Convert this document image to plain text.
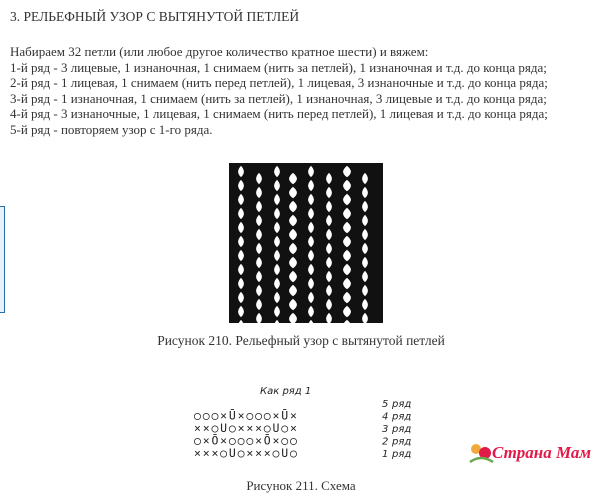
3. РЕЛЬЕФНЫЙ УЗОР С ВЫТЯНУТОЙ ПЕТЛЕЙ
Набираем 32 петли (или любое другое количество кратное шести) и вяжем:
1-й ряд - 3 лицевые, 1 изнаночная, 1 снимаем (нить за петлей), 1 изнаночная и т.д. до конца ряда;
2-й ряд - 1 лицевая, 1 снимаем (нить перед петлей), 1 лицевая, 3 изнаночные и т.д. до конца ряда;
3-й ряд - 1 изнаночная, 1 снимаем (нить за петлей), 1 изнаночная, 3 лицевые и т.д. до конца ряда;
4-й ряд - 3 изнаночные, 1 лицевая, 1 снимаем (нить перед петлей), 1 лицевая и т.д. до конца ряда;
5-й ряд - повторяем узор с 1-го ряда.
Рисунок 210. Рельефный узор с вытянутой петлей
Как ряд 1
5 ряд
○○○×Ū×○○○×Ū×	4 ряд
××○U○×××○U○×	3 ряд
○×Ō×○○○×Ō×○○	2 ряд
×××○U○×××○U○	1 ряд
Рисунок 211. Схема
Страна Мам
